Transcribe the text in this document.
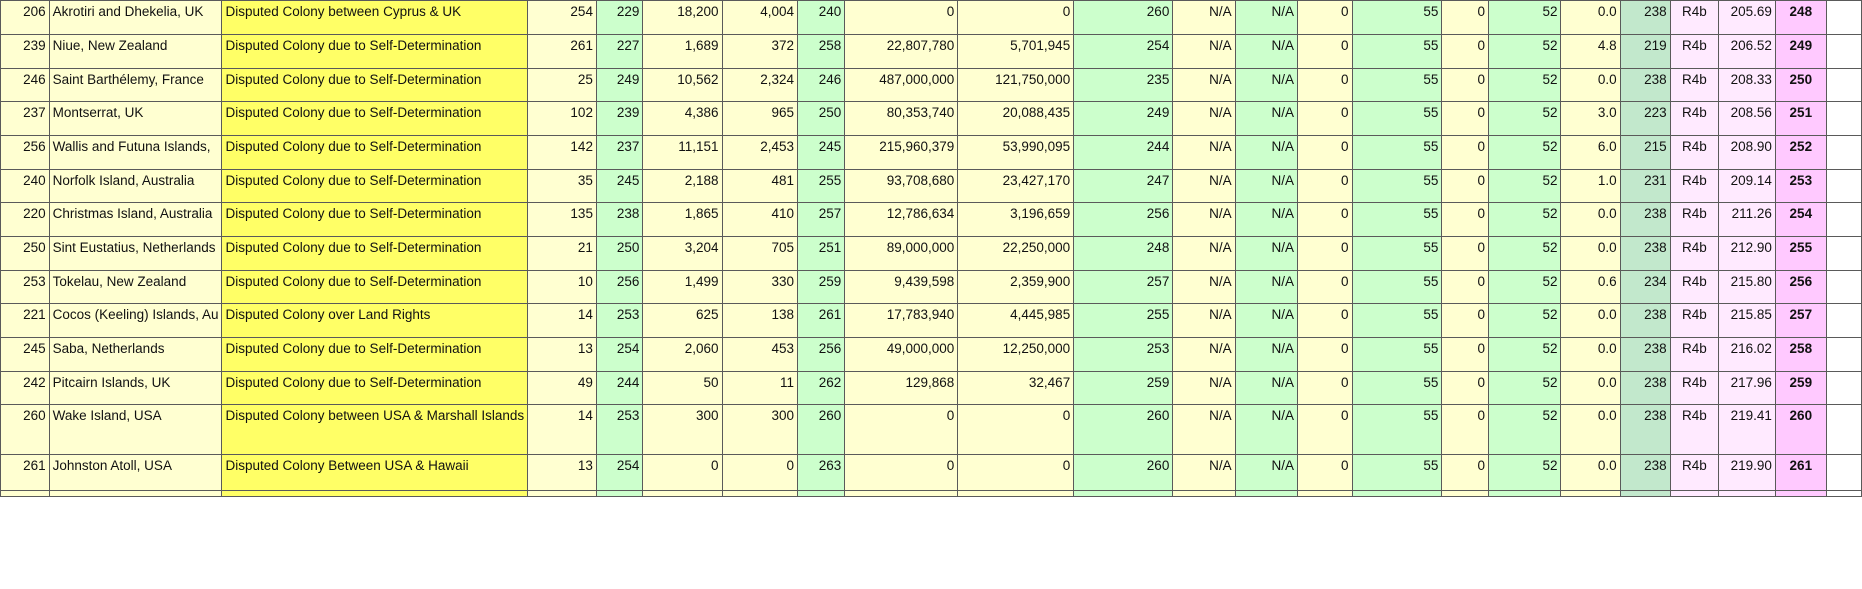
206	Akrotiri and Dhekelia, UK	Disputed Colony between Cyprus & UK	254	229	18,200	4,004	240	0	0	260	N/A	N/A	0	55	0	52	0.0	238	R4b	205.69	248	
239	Niue, New Zealand	Disputed Colony due to Self-Determination	261	227	1,689	372	258	22,807,780	5,701,945	254	N/A	N/A	0	55	0	52	4.8	219	R4b	206.52	249	
246	Saint Barthélemy, France	Disputed Colony due to Self-Determination	25	249	10,562	2,324	246	487,000,000	121,750,000	235	N/A	N/A	0	55	0	52	0.0	238	R4b	208.33	250	
237	Montserrat, UK	Disputed Colony due to Self-Determination	102	239	4,386	965	250	80,353,740	20,088,435	249	N/A	N/A	0	55	0	52	3.0	223	R4b	208.56	251	
256	Wallis and Futuna Islands,	Disputed Colony due to Self-Determination	142	237	11,151	2,453	245	215,960,379	53,990,095	244	N/A	N/A	0	55	0	52	6.0	215	R4b	208.90	252	
240	Norfolk Island, Australia	Disputed Colony due to Self-Determination	35	245	2,188	481	255	93,708,680	23,427,170	247	N/A	N/A	0	55	0	52	1.0	231	R4b	209.14	253	
220	Christmas Island, Australia	Disputed Colony due to Self-Determination	135	238	1,865	410	257	12,786,634	3,196,659	256	N/A	N/A	0	55	0	52	0.0	238	R4b	211.26	254	
250	Sint Eustatius, Netherlands	Disputed Colony due to Self-Determination	21	250	3,204	705	251	89,000,000	22,250,000	248	N/A	N/A	0	55	0	52	0.0	238	R4b	212.90	255	
253	Tokelau, New Zealand	Disputed Colony due to Self-Determination	10	256	1,499	330	259	9,439,598	2,359,900	257	N/A	N/A	0	55	0	52	0.6	234	R4b	215.80	256	
221	Cocos (Keeling) Islands, Au	Disputed Colony over Land Rights	14	253	625	138	261	17,783,940	4,445,985	255	N/A	N/A	0	55	0	52	0.0	238	R4b	215.85	257	
245	Saba, Netherlands	Disputed Colony due to Self-Determination	13	254	2,060	453	256	49,000,000	12,250,000	253	N/A	N/A	0	55	0	52	0.0	238	R4b	216.02	258	
242	Pitcairn Islands, UK	Disputed Colony due to Self-Determination	49	244	50	11	262	129,868	32,467	259	N/A	N/A	0	55	0	52	0.0	238	R4b	217.96	259	
260	Wake Island, USA	Disputed Colony between USA & Marshall Islands	14	253	300	300	260	0	0	260	N/A	N/A	0	55	0	52	0.0	238	R4b	219.41	260	
261	Johnston Atoll, USA	Disputed Colony Between USA & Hawaii	13	254	0	0	263	0	0	260	N/A	N/A	0	55	0	52	0.0	238	R4b	219.90	261	
